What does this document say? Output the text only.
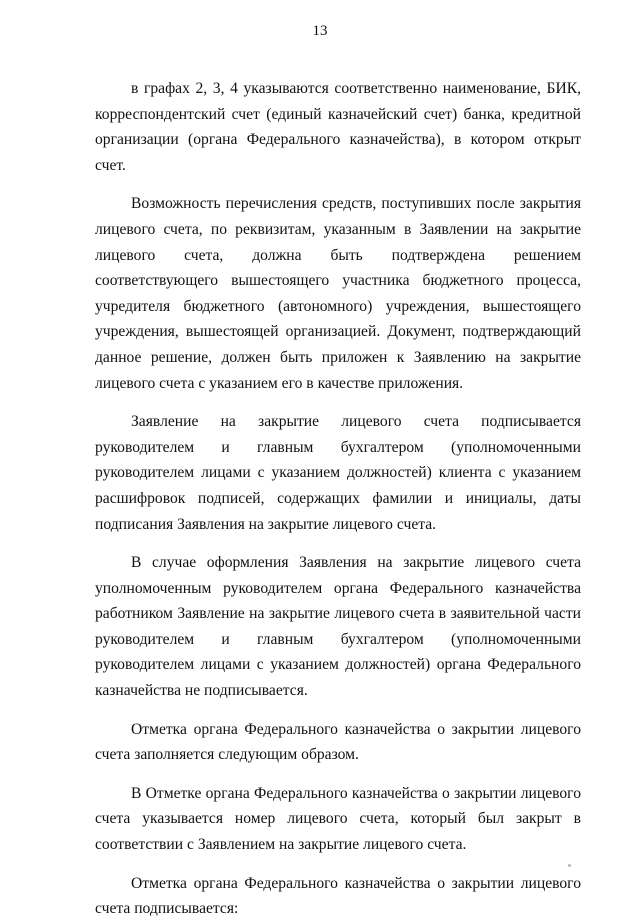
13

в графах 2, 3, 4 указываются соответственно наименование, БИК, корреспондентский счет (единый казначейский счет) банка, кредитной организации (органа Федерального казначейства), в котором открыт счет.

Возможность перечисления средств, поступивших после закрытия лицевого счета, по реквизитам, указанным в Заявлении на закрытие лицевого счета, должна быть подтверждена решением соответствующего вышестоящего участника бюджетного процесса, учредителя бюджетного (автономного) учреждения, вышестоящего учреждения, вышестоящей организацией. Документ, подтверждающий данное решение, должен быть приложен к Заявлению на закрытие лицевого счета с указанием его в качестве приложения.

Заявление на закрытие лицевого счета подписывается руководителем и главным бухгалтером (уполномоченными руководителем лицами с указанием должностей) клиента с указанием расшифровок подписей, содержащих фамилии и инициалы, даты подписания Заявления на закрытие лицевого счета.

В случае оформления Заявления на закрытие лицевого счета уполномоченным руководителем органа Федерального казначейства работником Заявление на закрытие лицевого счета в заявительной части руководителем и главным бухгалтером (уполномоченными руководителем лицами с указанием должностей) органа Федерального казначейства не подписывается.

Отметка органа Федерального казначейства о закрытии лицевого счета заполняется следующим образом.

В Отметке органа Федерального казначейства о закрытии лицевого счета указывается номер лицевого счета, который был закрыт в соответствии с Заявлением на закрытие лицевого счета.

Отметка органа Федерального казначейства о закрытии лицевого счета подписывается:
